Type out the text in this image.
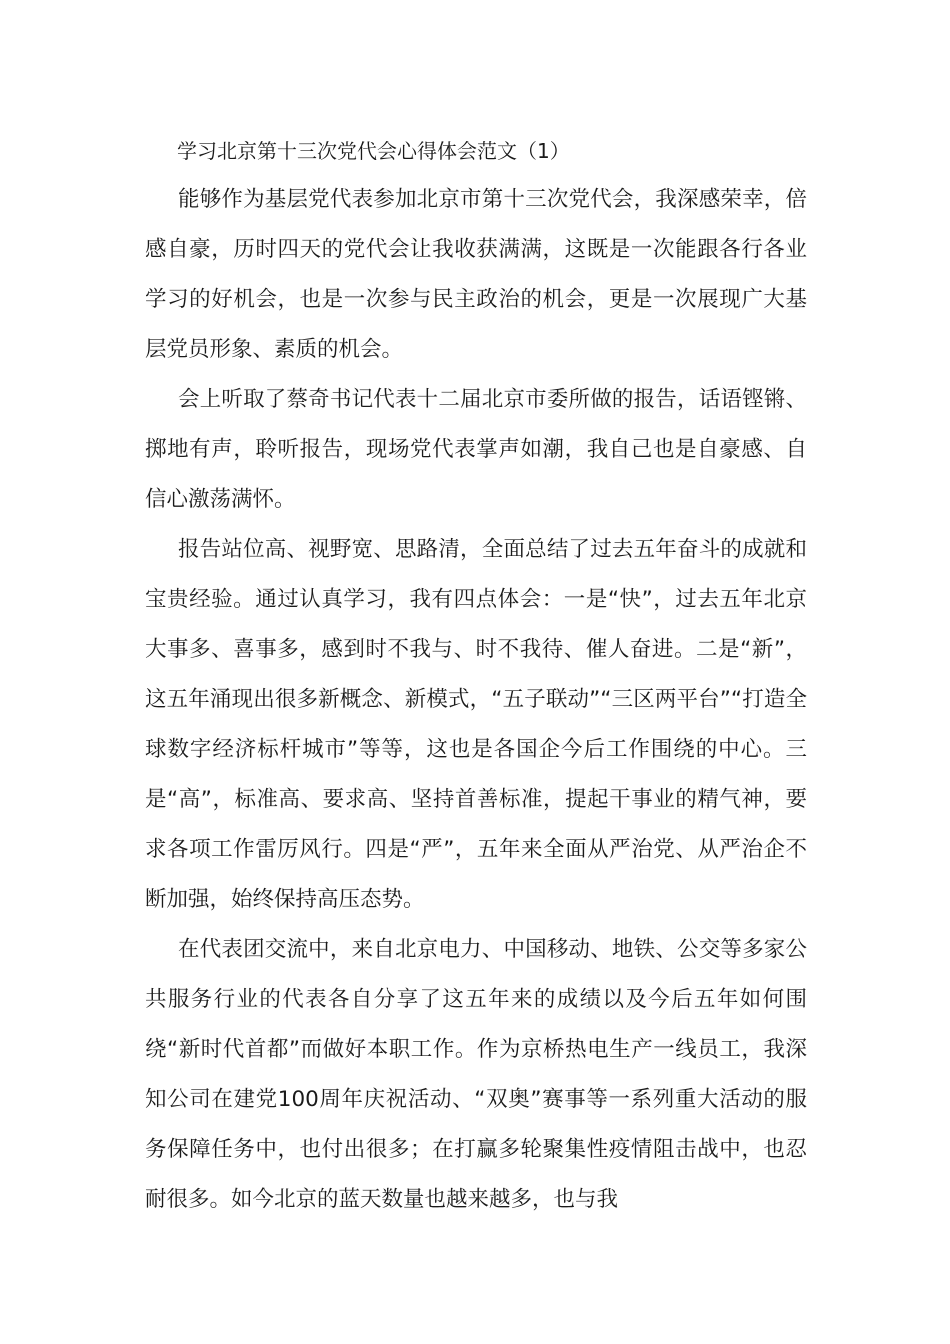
学习北京第十三次党代会心得体会范文（1）

能够作为基层党代表参加北京市第十三次党代会，我深感荣幸，倍感自豪，历时四天的党代会让我收获满满，这既是一次能跟各行各业学习的好机会，也是一次参与民主政治的机会，更是一次展现广大基层党员形象、素质的机会。

会上听取了蔡奇书记代表十二届北京市委所做的报告，话语铿锵、掷地有声，聆听报告，现场党代表掌声如潮，我自己也是自豪感、自信心激荡满怀。

报告站位高、视野宽、思路清，全面总结了过去五年奋斗的成就和宝贵经验。通过认真学习，我有四点体会：一是“快”，过去五年北京大事多、喜事多，感到时不我与、时不我待、催人奋进。二是“新”，这五年涌现出很多新概念、新模式，“五子联动”“三区两平台”“打造全球数字经济标杆城市”等等，这也是各国企今后工作围绕的中心。三是“高”，标准高、要求高、坚持首善标准，提起干事业的精气神，要求各项工作雷厉风行。四是“严”，五年来全面从严治党、从严治企不断加强，始终保持高压态势。

在代表团交流中，来自北京电力、中国移动、地铁、公交等多家公共服务行业的代表各自分享了这五年来的成绩以及今后五年如何围绕“新时代首都”而做好本职工作。作为京桥热电生产一线员工，我深知公司在建党100周年庆祝活动、“双奥”赛事等一系列重大活动的服务保障任务中，也付出很多；在打赢多轮聚集性疫情阻击战中，也忍耐很多。如今北京的蓝天数量也越来越多，也与我
